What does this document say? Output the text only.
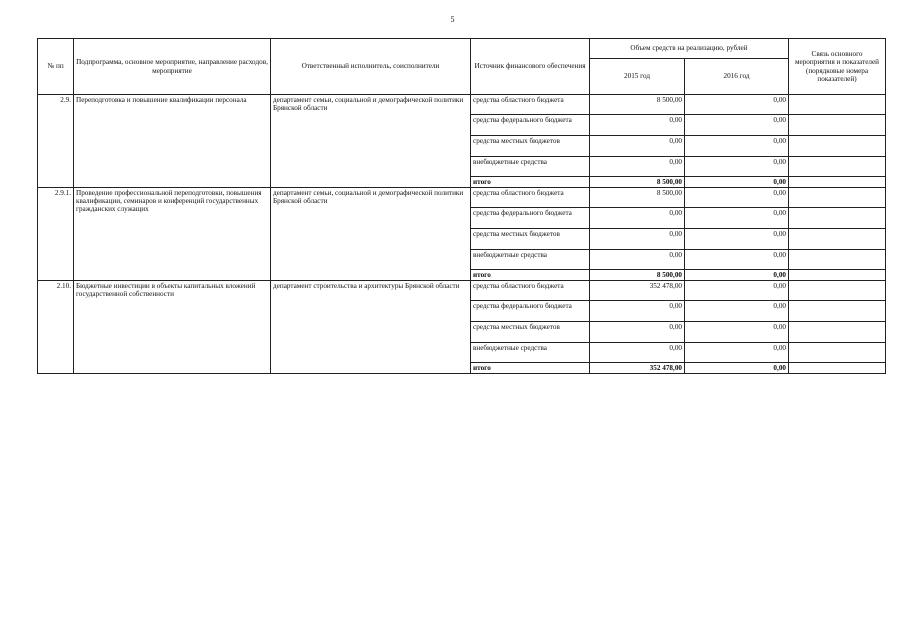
5
№ пп	Подпрограмма, основное мероприятие, направление расходов, мероприятие	Ответственный исполнитель, соисполнители	Источник финансового обеспечения	Объем средств на реализацию, рублей		Связь основного мероприятия и показателей (порядковые номера показателей)
				2015 год	2016 год	
2.9.	Переподготовка и повышение квалификации персонала	департамент семьи, социальной и демографической политики Брянской области	средства областного бюджета	8 500,00	0,00	
			средства федерального бюджета	0,00	0,00	
			средства местных бюджетов	0,00	0,00	
			внебюджетные средства	0,00	0,00	
			итого	8 500,00	0,00	
2.9.1.	Проведение профессиональной переподготовки, повышения квалификации, семинаров и конференций государственных гражданских служащих	департамент семьи, социальной и демографической политики Брянской области	средства областного бюджета	8 500,00	0,00	
			средства федерального бюджета	0,00	0,00	
			средства местных бюджетов	0,00	0,00	
			внебюджетные средства	0,00	0,00	
			итого	8 500,00	0,00	
2.10.	Бюджетные инвестиции в объекты капитальных вложений государственной собственности	департамент строительства и архитектуры Брянской области	средства областного бюджета	352 478,00	0,00	
			средства федерального бюджета	0,00	0,00	
			средства местных бюджетов	0,00	0,00	
			внебюджетные средства	0,00	0,00	
			итого	352 478,00	0,00	
